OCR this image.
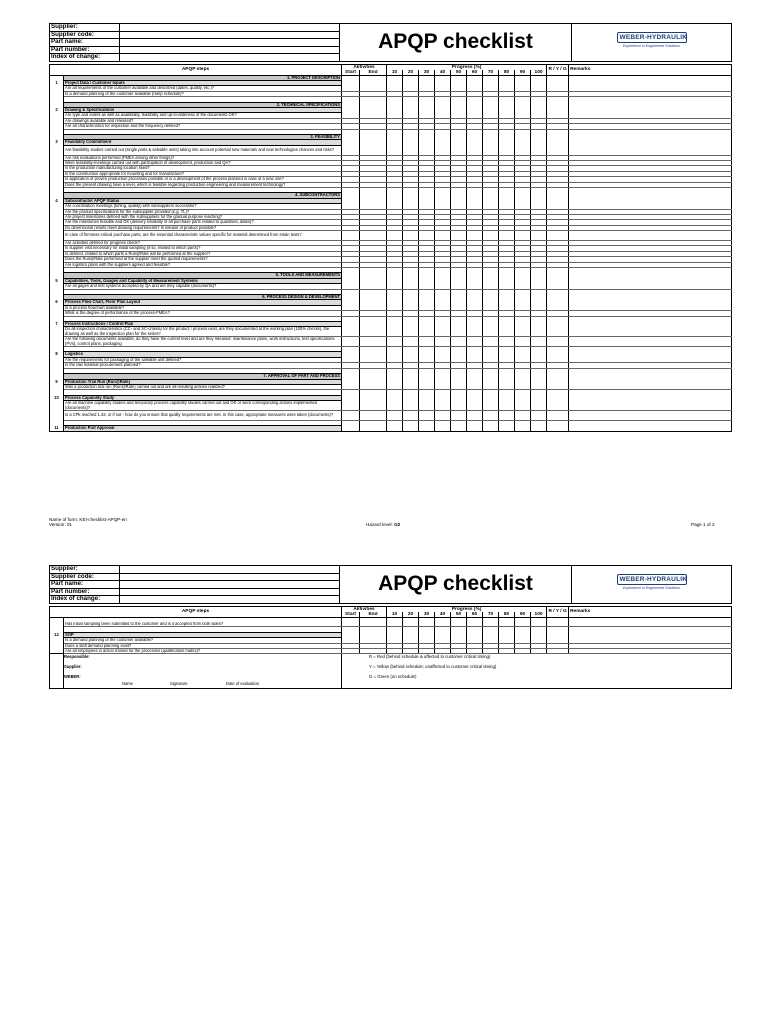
Supplier:		APQP checklist	WEBER-HYDRAULIK
Experience in Engineered Solutions

Supplier code:			
Part name:			
Part number:			
Index of change:			
APQP steps		Aktivities		Progress [%]										R / Y / G	Remarks
		Start	End	10	20	30	40	50	60	70	80	90	100		
	1. PROJECT DESCRIPTION														
1	Project Data / Customer Inputs														
	Are all requirements of the customer available and described (dates, quality, etc.)?														
	Is a demand planning of the customer available (ramp schedule)?														

	2. TECHNICAL SPECIFICATIONS														
2	Drawing & Specifications														
	Are type and extent as well as availability, feasibility and up-to-dateness of the documents OK?														
	Are drawings available and released?														
	Are all characteristics for inspection and the frequency defined?														

	3. FEASIBILITY														
3	Feasibility Commitment														
	Are feasibility studies carried out (single parts & saleable units) taking into account potential new materials and new technologies chances and risks?														
	Are risk evaluations performed (FMEA among other things)?														
	Were feasibility-meetings carried out with participation of development, production and QA?														
	Is the production manufacturing location fixed?														
	Is the construction appropriate for mounting and for manufacture?														
	Is application of proven production processes possible or is a development of the process planned in case of a new one?														
	Does the present drawing have a level, which is feasible regarding production engineering and measurement technology?														

	4. SUBCONTRACTORS														
4	Subcontractor APQP Status														
	Are coordination meetings (timing, quality) with subsuppliers successful?														
	Are the product specifications for the subsupplier provided (e.g. TL)?														
	Are project milestones defined with the subsuppliers for the gradual purpose reaching?														
	Are the milestones feasible and OK (delivery reliability of all purchase parts related to quantities, dates)?														
	Do dimensional results meet drawing requirements? Is release of product possible?														
	In case of firmness-critical purchase parts, are the essential characteristic values specific for material determined from strain tests?														
	Are activities defined for progress check?														
	Is supplier visit necessary for initial sampling (if so, related to which parts)?														
	Is defined, related to which parts a Run@Rate will be performed at the supplier?														
	Does the Run@Rate performed at the supplier meet the quoted requirements?														
	Are logistics plans with the suppliers agreed and feasible?														

	5. TOOLS AND MEASUREMENTS														
5	Capabilities, Tools, Gauges and Capability of Measurement Systems														
	Are all gages and test systems accepted by QA and are they capable (documents)?														

	6. PROCESS DESIGN & DEVELOPMENT														
6	Process Flow Chart, Floor Plan Layout														
	Is a process flowchart available?														
	What is the degree of performance of the process-FMEA?														

7	Process Instructions / Control Plan														
	Do all inspection characteristics (CC- and SC-criteria) for the product / process exist, are they documented at the working plan (100% checks), the drawing as well as the inspection plan for the series?														
	Are the following documents available, do they have the current level and are they released: maintenance plans, work instructions, test specifications (PVs), control plans, packaging														

8	Logistics														
	Are the requirements for packaging of the saleable unit defined?														
	Is the raw material procurement planned?														

	7. APPROVAL OF PART AND PROCESS														
9	Production Trial Run (Run@Rate)														
	Was a production trial run (Run@Rate) carried out and are all resulting actions realized?														

10	Process Capability Study														
	Are all machine capability studies and temporary process capability studies carried out and OK or were corresponding actions implemented (documents)?														
	Is a CPk reached 1.33, or if not - how do you ensure that quality requirements are met. In this case, appropriate measures were taken (documents)?														

11	Production Part Approval														
Name of form: KEI-checklist-APQP-en
Version: 01	Hazard level: G2	Page 1 of 2
Supplier:		APQP checklist	WEBER-HYDRAULIK
Experience in Engineered Solutions

Supplier code:			
Part name:			
Part number:			
Index of change:			
APQP steps		Aktivities		Progress [%]										R / Y / G	Remarks
		Start	End	10	20	30	40	50	60	70	80	90	100		

	Has initial sampling been submitted to the customer and is it accepted from both sides?														

12	SOP														
	Is a demand planning of the customer available?														
	Does a staff demand planning exist?														
	Are all employees in action trained for the processes (qualification matrix)?														

Responsible:
Supplier:
WEBER:
Name	Signature	Date of evaluation

R = Red (behind schedule & affected to customer critical timing)
Y = Yellow (behind schedule; unaffected to customer critical timing)
G = Green (on schedule)
